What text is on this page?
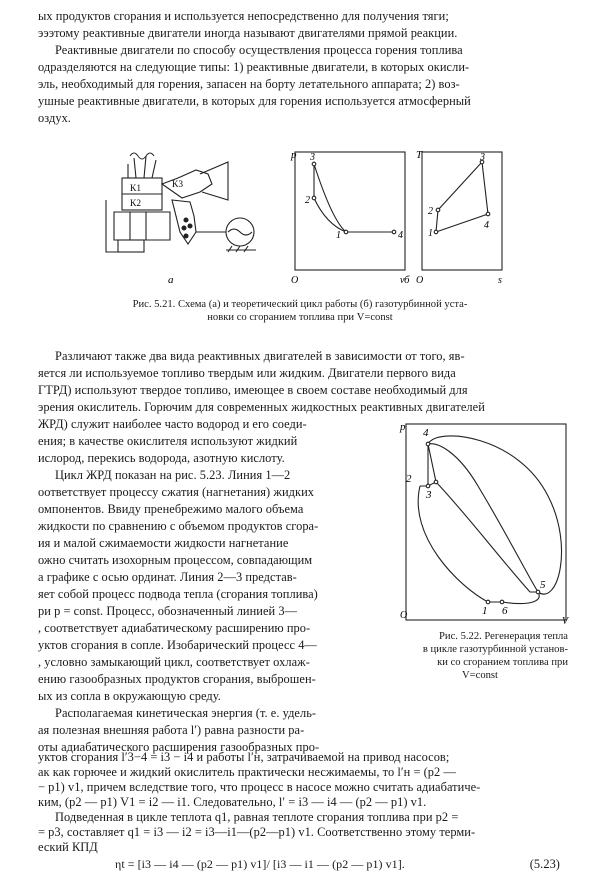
ых продуктов сгорания и используется непосредственно для получения тяги;
эээтому реактивные двигатели иногда называют двигателями прямой реакции.
Реактивные двигатели по способу осуществления процесса горения топлива
одразделяются на следующие типы: 1) реактивные двигатели, в которых окисли-
эль, необходимый для горения, запасен на борту летательного аппарата; 2) воз-
ушные реактивные двигатели, в которых для горения используется атмосферный
оздух.
K1
K2
K3
а
p
O	v
3
2
1	4
б
T
O	s
3
2
1
4
Рис. 5.21. Схема (а) и теоретический цикл работы (б) газотурбинной уста-
новки со сгоранием топлива при V=const
Различают также два вида реактивных двигателей в зависимости от того, яв-
яется ли используемое топливо твердым или жидким. Двигатели первого вида
ГТРД) используют твердое топливо, имеющее в своем составе необходимый для
эрения окислитель. Горючим для современных жидкостных реактивных двигателей
ЖРД) служит наиболее часто водород и его соеди-
ения; в качестве окислителя используют жидкий
ислород, перекись водорода, азотную кислоту.
Цикл ЖРД показан на рис. 5.23. Линия 1—2
оответствует процессу сжатия (нагнетания) жидких
омпонентов. Ввиду пренебрежимо малого объема
жидкости по сравнению с объемом продуктов сгора-
ия и малой сжимаемости жидкости нагнетание
ожно считать изохорным процессом, совпадающим
а графике с осью ординат. Линия 2—3 представ-
яет собой процесс подвода тепла (сгорания топлива)
ри p = const. Процесс, обозначенный линией 3—
, соответствует адиабатическому расширению про-
уктов сгорания в сопле. Изобарический процесс 4—
, условно замыкающий цикл, соответствует охлаж-
ению газообразных продуктов сгорания, выброшен-
ых из сопла в окружающую среду.
Располагаемая кинетическая энергия (т. е. удель-
ая полезная внешняя работа l′) равна разности ра-
оты адиабатического расширения газообразных про-
p
O
V
4
2
3
5
6
1
Рис. 5.22. Регенерация тепла
в цикле газотурбинной установ-
ки со сгоранием топлива при
V=const
уктов сгорания l′3−4 = i3 − i4 и работы l′н, затрачиваемой на привод насосов;
ак как горючее и жидкий окислитель практически несжимаемы, то l′н = (p2 —
− p1) v1, причем вследствие того, что процесс в насосе можно считать адиабатиче-
ким, (p2 — p1) V1 = i2 — i1. Следовательно, l′ = i3 — i4 — (p2 — p1) v1.
Подведенная в цикле теплота q1, равная теплоте сгорания топлива при p2 =
= p3, составляет q1 = i3 — i2 = i3—i1—(p2—p1) v1. Соответственно этому терми-
еский КПД
ηt = [i3 — i4 — (p2 — p1) v1]/ [i3 — i1 — (p2 — p1) v1].	(5.23)
